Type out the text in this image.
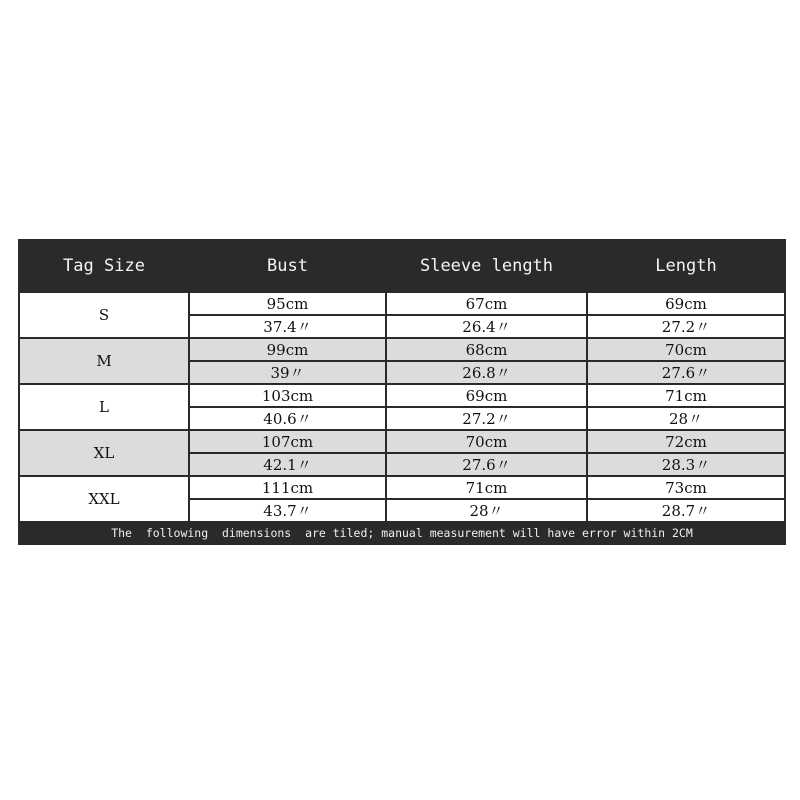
Tag Size	Bust	Sleeve length	Length
S	95cm	67cm	69cm
	37.4〃	26.4〃	27.2〃
M	99cm	68cm	70cm
	39〃	26.8〃	27.6〃
L	103cm	69cm	71cm
	40.6〃	27.2〃	28〃
XL	107cm	70cm	72cm
	42.1〃	27.6〃	28.3〃
XXL	111cm	71cm	73cm
	43.7〃	28〃	28.7〃
The  following  dimensions  are tiled; manual measurement will have error within 2CM			
